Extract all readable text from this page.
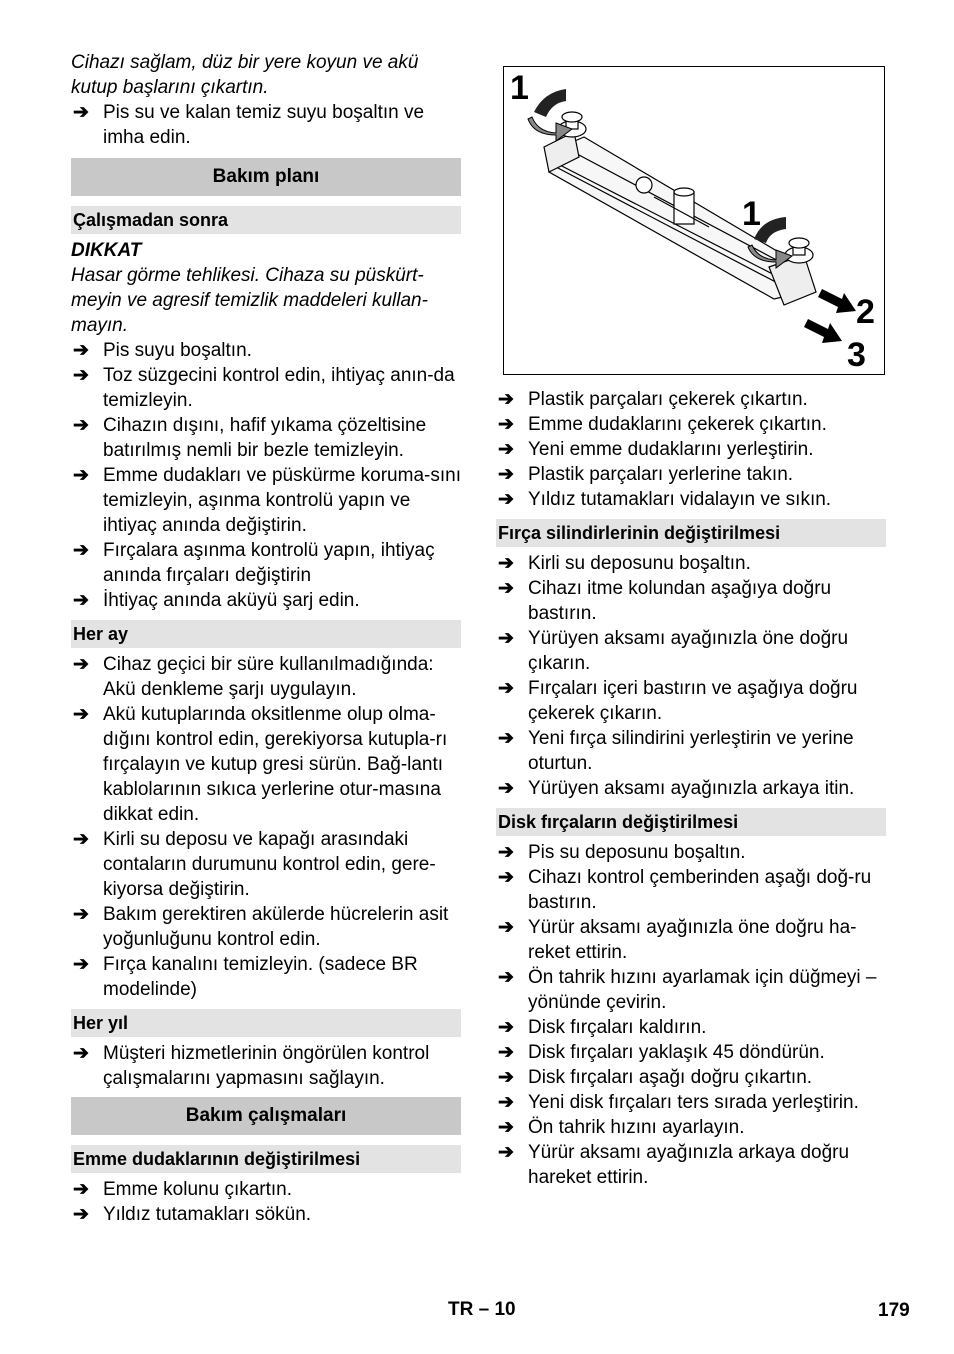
Cihazı sağlam, düz bir yere koyun ve akü kutup başlarını çıkartın.

➔ Pis su ve kalan temiz suyu boşaltın ve imha edin.
Bakım planı
Çalışmadan sonra

DIKKAT

Hasar görme tehlikesi. Cihaza su püskürt-meyin ve agresif temizlik maddeleri kullan-mayın.

➔ Pis suyu boşaltın.
➔ Toz süzgecini kontrol edin, ihtiyaç anın-da temizleyin.
➔ Cihazın dışını, hafif yıkama çözeltisine batırılmış nemli bir bezle temizleyin.
➔ Emme dudakları ve püskürme koruma-sını temizleyin, aşınma kontrolü yapın ve ihtiyaç anında değiştirin.
➔ Fırçalara aşınma kontrolü yapın, ihtiyaç anında fırçaları değiştirin
➔ İhtiyaç anında aküyü şarj edin.
Her ay
➔ Cihaz geçici bir süre kullanılmadığında: Akü denkleme şarjı uygulayın.
➔ Akü kutuplarında oksitlenme olup olma-dığını kontrol edin, gerekiyorsa kutupla-rı fırçalayın ve kutup gresi sürün. Bağ-lantı kablolarının sıkıca yerlerine otur-masına dikkat edin.
➔ Kirli su deposu ve kapağı arasındaki contaların durumunu kontrol edin, gere-kiyorsa değiştirin.
➔ Bakım gerektiren akülerde hücrelerin asit yoğunluğunu kontrol edin.
➔ Fırça kanalını temizleyin. (sadece BR modelinde)
Her yıl
➔ Müşteri hizmetlerinin öngörülen kontrol çalışmalarını yapmasını sağlayın.
Bakım çalışmaları
Emme dudaklarının değiştirilmesi
➔ Emme kolunu çıkartın.
➔ Yıldız tutamakları sökün.
1
1
2
3
➔ Plastik parçaları çekerek çıkartın.
➔ Emme dudaklarını çekerek çıkartın.
➔ Yeni emme dudaklarını yerleştirin.
➔ Plastik parçaları yerlerine takın.
➔ Yıldız tutamakları vidalayın ve sıkın.
Fırça silindirlerinin değiştirilmesi
➔ Kirli su deposunu boşaltın.
➔ Cihazı itme kolundan aşağıya doğru bastırın.
➔ Yürüyen aksamı ayağınızla öne doğru çıkarın.
➔ Fırçaları içeri bastırın ve aşağıya doğru çekerek çıkarın.
➔ Yeni fırça silindirini yerleştirin ve yerine oturtun.
➔ Yürüyen aksamı ayağınızla arkaya itin.
Disk fırçaların değiştirilmesi
➔ Pis su deposunu boşaltın.
➔ Cihazı kontrol çemberinden aşağı doğ-ru bastırın.
➔ Yürür aksamı ayağınızla öne doğru ha-reket ettirin.
➔ Ön tahrik hızını ayarlamak için düğmeyi – yönünde çevirin.
➔ Disk fırçaları kaldırın.
➔ Disk fırçaları yaklaşık 45 döndürün.
➔ Disk fırçaları aşağı doğru çıkartın.
➔ Yeni disk fırçaları ters sırada yerleştirin.
➔ Ön tahrik hızını ayarlayın.
➔ Yürür aksamı ayağınızla arkaya doğru hareket ettirin.
TR – 10	179
